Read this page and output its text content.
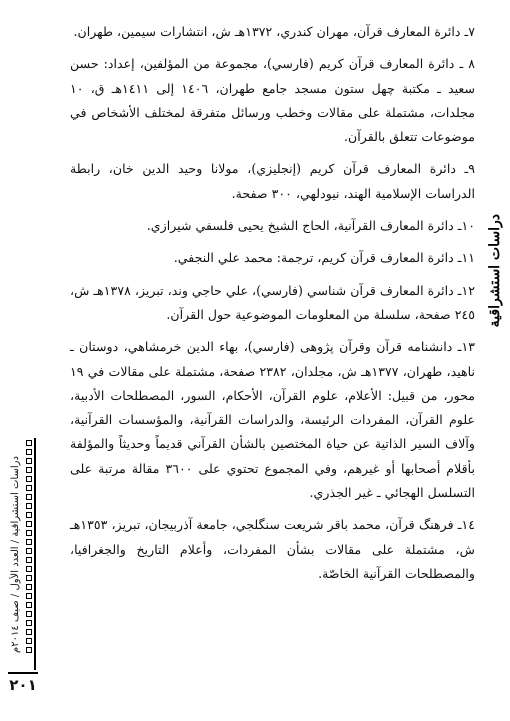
٧ـ دائرة المعارف قرآن، مهران كندري، ١٣٧٢هـ ش، انتشارات سيمين، طهران.

٨ ـ دائرة المعارف قرآن كريم (فارسي)، مجموعة من المؤلفين، إعداد: حسن سعيد ـ مكتبة چهل ستون مسجد جامع طهران، ١٤٠٦ إلى ١٤١١هـ ق، ١٠ مجلدات، مشتملة على مقالات وخطب ورسائل متفرقة لمختلف الأشخاص في موضوعات تتعلق بالقرآن.

٩ـ دائرة المعارف قرآن كريم (إنجليزي)، مولانا وحيد الدين خان، رابطة الدراسات الإسلامية الهند، نيودلهي، ٣٠٠ صفحة.

١٠ـ دائرة المعارف القرآنية، الحاج الشيخ يحيى فلسفي شيرازي.

١١ـ دائرة المعارف قرآن كريم، ترجمة: محمد علي النجفي.

١٢ـ دائرة المعارف قرآن شناسي (فارسي)، علي حاجي وند، تبريز، ١٣٧٨هـ ش، ٢٤٥ صفحة، سلسلة من المعلومات الموضوعية حول القرآن.

١٣ـ دانشنامه قرآن وقرآن پژوهى (فارسي)، بهاء الدين خرمشاهي، دوستان ـ ناهيد، طهران، ١٣٧٧هـ ش، مجلدان، ٢٣٨٢ صفحة، مشتملة على مقالات في ١٩ محور، من قبيل: الأعلام، علوم القرآن، الأحكام، السور، المصطلحات الأدبية، علوم القرآن، المفردات الرئيسة، والدراسات القرآنية، والمؤسسات القرآنية، وآلاف السير الذاتية عن حياة المختصين بالشأن القرآني قديماً وحديثاً والمؤلفة بأقلام أصحابها أو غيرهم، وفي المجموع تحتوي على ٣٦٠٠ مقالة مرتبة على التسلسل الهجائي ـ غير الجذري.

١٤ـ فرهنگ قرآن، محمد باقر شريعت سنگلجي، جامعة آذربيجان، تبريز، ١٣٥٣هـ ش، مشتملة على مقالات بشأن المفردات، وأعلام التاريخ والجغرافيا، والمصطلحات القرآنية الخاصّة.

دراسات استشراقية
دراسات استشراقية / العدد الأول / صيف ٢٠١٤م
٢٠١
